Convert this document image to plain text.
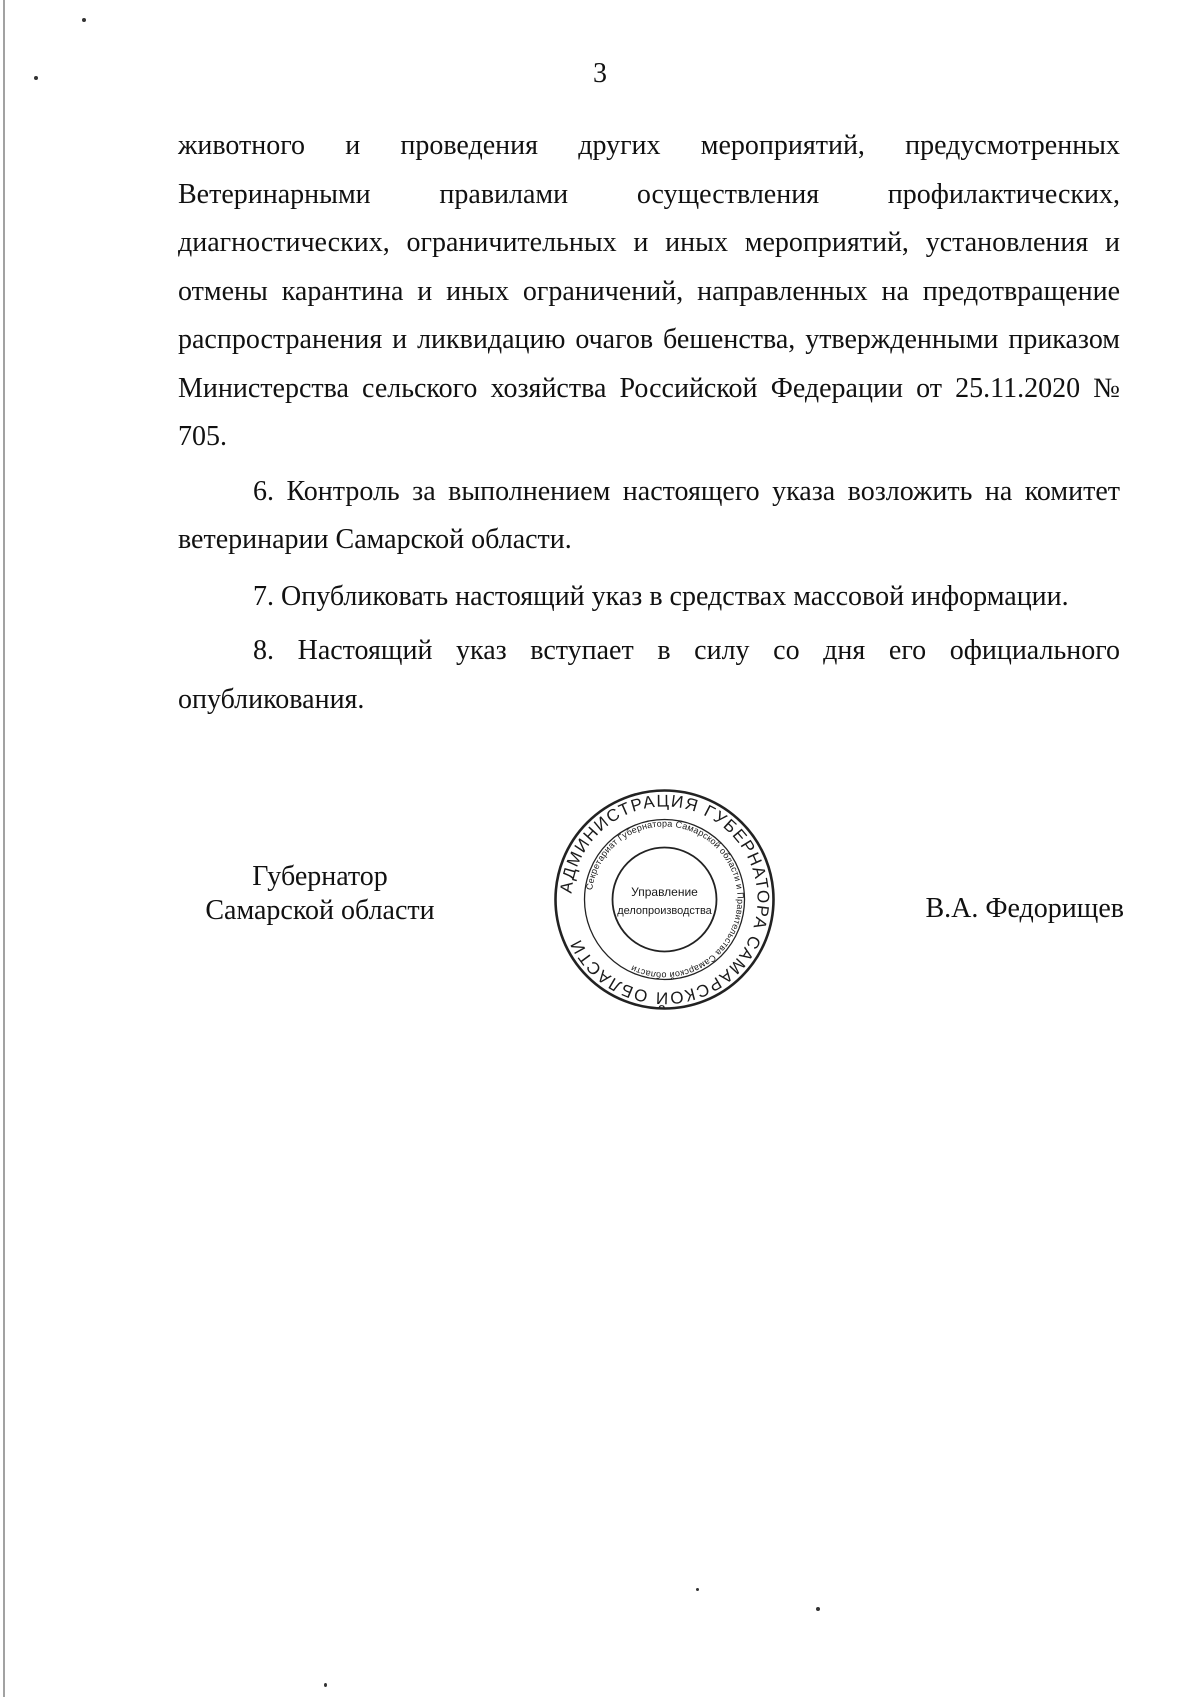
3

животного и проведения других мероприятий, предусмотренных Ветеринарными правилами осуществления профилактических, диагностических, ограничительных и иных мероприятий, установления и отмены карантина и иных ограничений, направленных на предотвращение распространения и ликвидацию очагов бешенства, утвержденными приказом Министерства сельского хозяйства Российской Федерации от 25.11.2020 № 705.

6. Контроль за выполнением настоящего указа возложить на комитет ветеринарии Самарской области.

7. Опубликовать настоящий указ в средствах массовой информации.

8. Настоящий указ вступает в силу со дня его официального опубликования.

Губернатор
Самарской области
АДМИНИСТРАЦИЯ ГУБЕРНАТОРА САМАРСКОЙ ОБЛАСТИ
Секретариат Губернатора Самарской области и Правительства Самарской области
Управление
делопроизводства	В.А. Федорищев
